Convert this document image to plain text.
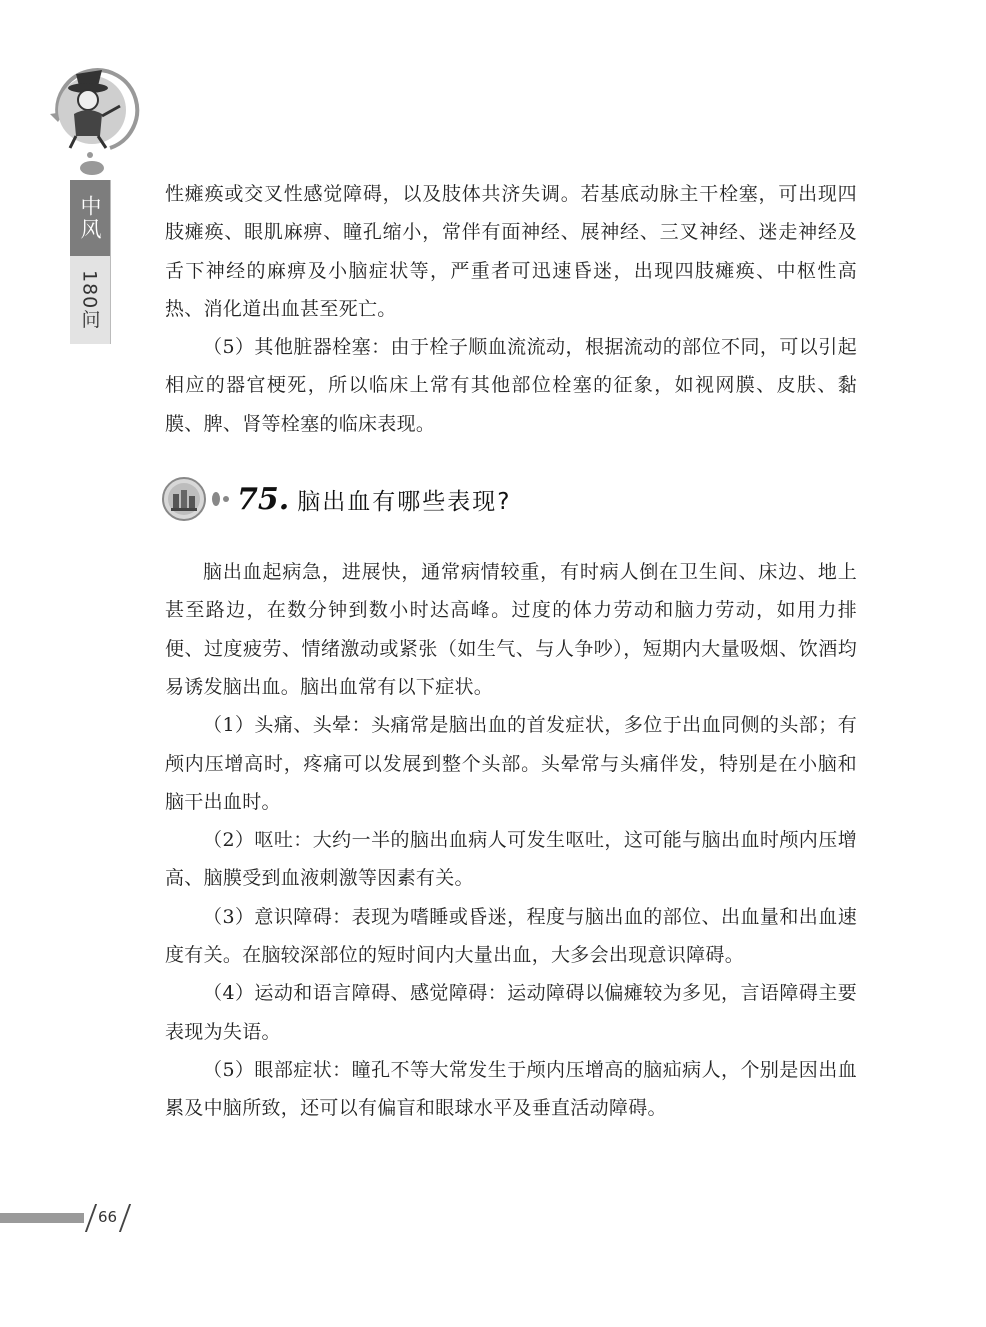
中风
180问

性瘫痪或交叉性感觉障碍，以及肢体共济失调。若基底动脉主干栓塞，可出现四肢瘫痪、眼肌麻痹、瞳孔缩小，常伴有面神经、展神经、三叉神经、迷走神经及舌下神经的麻痹及小脑症状等，严重者可迅速昏迷，出现四肢瘫痪、中枢性高热、消化道出血甚至死亡。

（5）其他脏器栓塞：由于栓子顺血流流动，根据流动的部位不同，可以引起相应的器官梗死，所以临床上常有其他部位栓塞的征象，如视网膜、皮肤、黏膜、脾、肾等栓塞的临床表现。

75. 脑出血有哪些表现?

脑出血起病急，进展快，通常病情较重，有时病人倒在卫生间、床边、地上甚至路边，在数分钟到数小时达高峰。过度的体力劳动和脑力劳动，如用力排便、过度疲劳、情绪激动或紧张（如生气、与人争吵），短期内大量吸烟、饮酒均易诱发脑出血。脑出血常有以下症状。

（1）头痛、头晕：头痛常是脑出血的首发症状，多位于出血同侧的头部；有颅内压增高时，疼痛可以发展到整个头部。头晕常与头痛伴发，特别是在小脑和脑干出血时。

（2）呕吐：大约一半的脑出血病人可发生呕吐，这可能与脑出血时颅内压增高、脑膜受到血液刺激等因素有关。

（3）意识障碍：表现为嗜睡或昏迷，程度与脑出血的部位、出血量和出血速度有关。在脑较深部位的短时间内大量出血，大多会出现意识障碍。

（4）运动和语言障碍、感觉障碍：运动障碍以偏瘫较为多见，言语障碍主要表现为失语。

（5）眼部症状：瞳孔不等大常发生于颅内压增高的脑疝病人，个别是因出血累及中脑所致，还可以有偏盲和眼球水平及垂直活动障碍。

66
